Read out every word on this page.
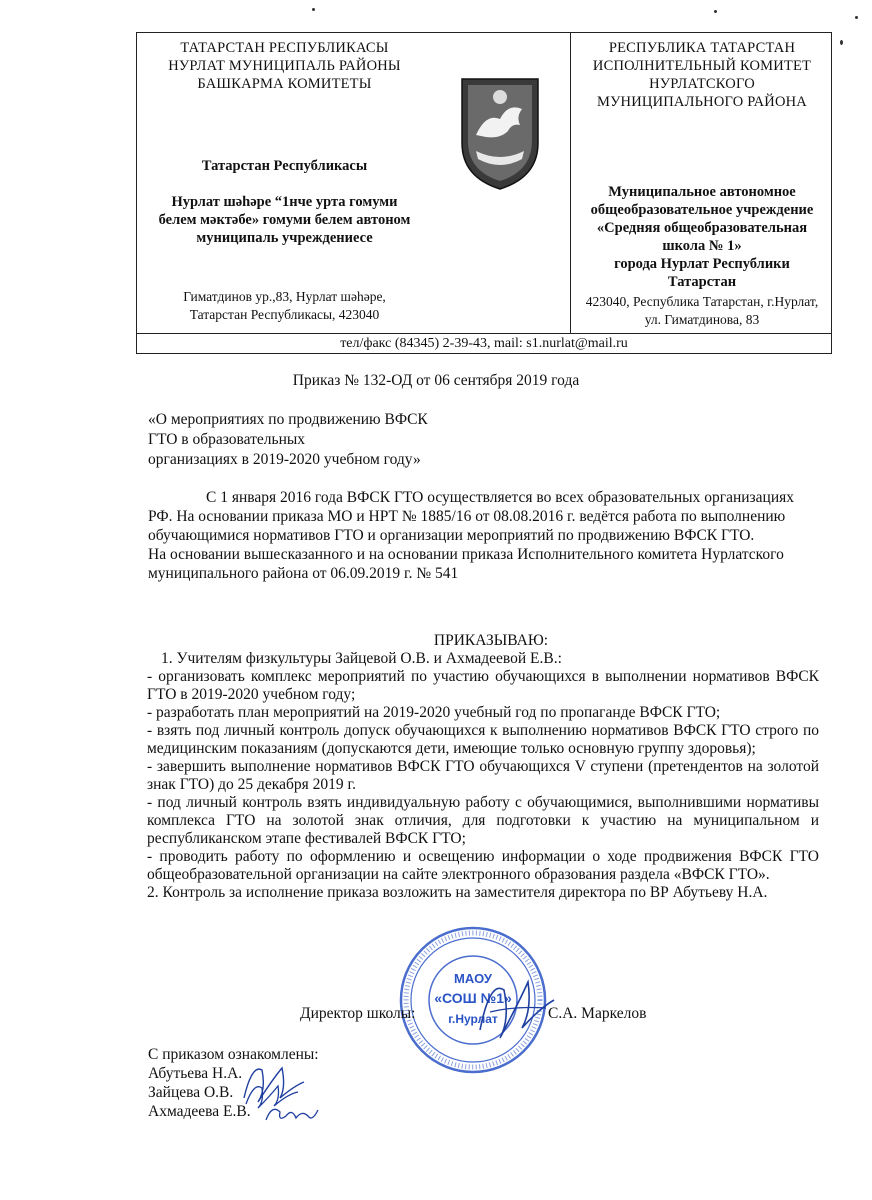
ТАТАРСТАН РЕСПУБЛИКАСЫ
НУРЛАТ МУНИЦИПАЛЬ РАЙОНЫ
БАШКАРМА КОМИТЕТЫ
Татарстан Республикасы
Нурлат шәһәре “1нче урта гомуми
белем мәктәбе» гомуми белем автоном
муниципаль учреждениесе
Гиматдинов ур.,83, Нурлат шәһәре,
Татарстан Республикасы, 423040
РЕСПУБЛИКА ТАТАРСТАН
ИСПОЛНИТЕЛЬНЫЙ КОМИТЕТ
НУРЛАТСКОГО
МУНИЦИПАЛЬНОГО РАЙОНА
Муниципальное автономное
общеобразовательное учреждение
«Средняя общеобразовательная
школа № 1»
города Нурлат Республики
Татарстан
423040, Республика Татарстан, г.Нурлат,
ул. Гиматдинова, 83
тел/факс (84345) 2-39-43, mail: s1.nurlat@mail.ru
Приказ № 132-ОД от 06 сентября 2019 года
«О мероприятиях по продвижению ВФСК
ГТО в образовательных
организациях в 2019-2020 учебном году»

С 1 января 2016 года ВФСК ГТО осуществляется во всех образовательных организациях РФ. На основании приказа МО и НРТ № 1885/16 от 08.08.2016 г. ведётся работа по выполнению обучающимися нормативов ГТО и организации мероприятий по продвижению ВФСК ГТО.

На основании вышесказанного и на основании приказа Исполнительного комитета Нурлатского муниципального района от 06.09.2019 г. № 541

ПРИКАЗЫВАЮ:

1. Учителям физкультуры Зайцевой О.В. и Ахмадеевой Е.В.:

- организовать комплекс мероприятий по участию обучающихся в выполнении нормативов ВФСК ГТО в 2019-2020 учебном году;

- разработать план мероприятий на 2019-2020 учебный год по пропаганде ВФСК ГТО;

- взять под личный контроль допуск обучающихся к выполнению нормативов ВФСК ГТО строго по медицинским показаниям (допускаются дети, имеющие только основную группу здоровья);

- завершить выполнение нормативов ВФСК ГТО обучающихся V ступени (претендентов на золотой знак ГТО) до 25 декабря 2019 г.

- под личный контроль взять индивидуальную работу с обучающимися, выполнившими нормативы комплекса ГТО на золотой знак отличия, для подготовки к участию на муниципальном и республиканском этапе фестивалей ВФСК ГТО;

- проводить работу по оформлению и освещению информации о ходе продвижения ВФСК ГТО общеобразовательной организации на сайте электронного образования раздела «ВФСК ГТО».

2. Контроль за исполнение приказа возложить на заместителя директора по ВР Абутьеву Н.А.

МАОУ
«СОШ №1»
г.Нурлат
Директор школы:	С.А. Маркелов
С приказом ознакомлены:
Абутьева Н.А.
Зайцева О.В.
Ахмадеева Е.В.
